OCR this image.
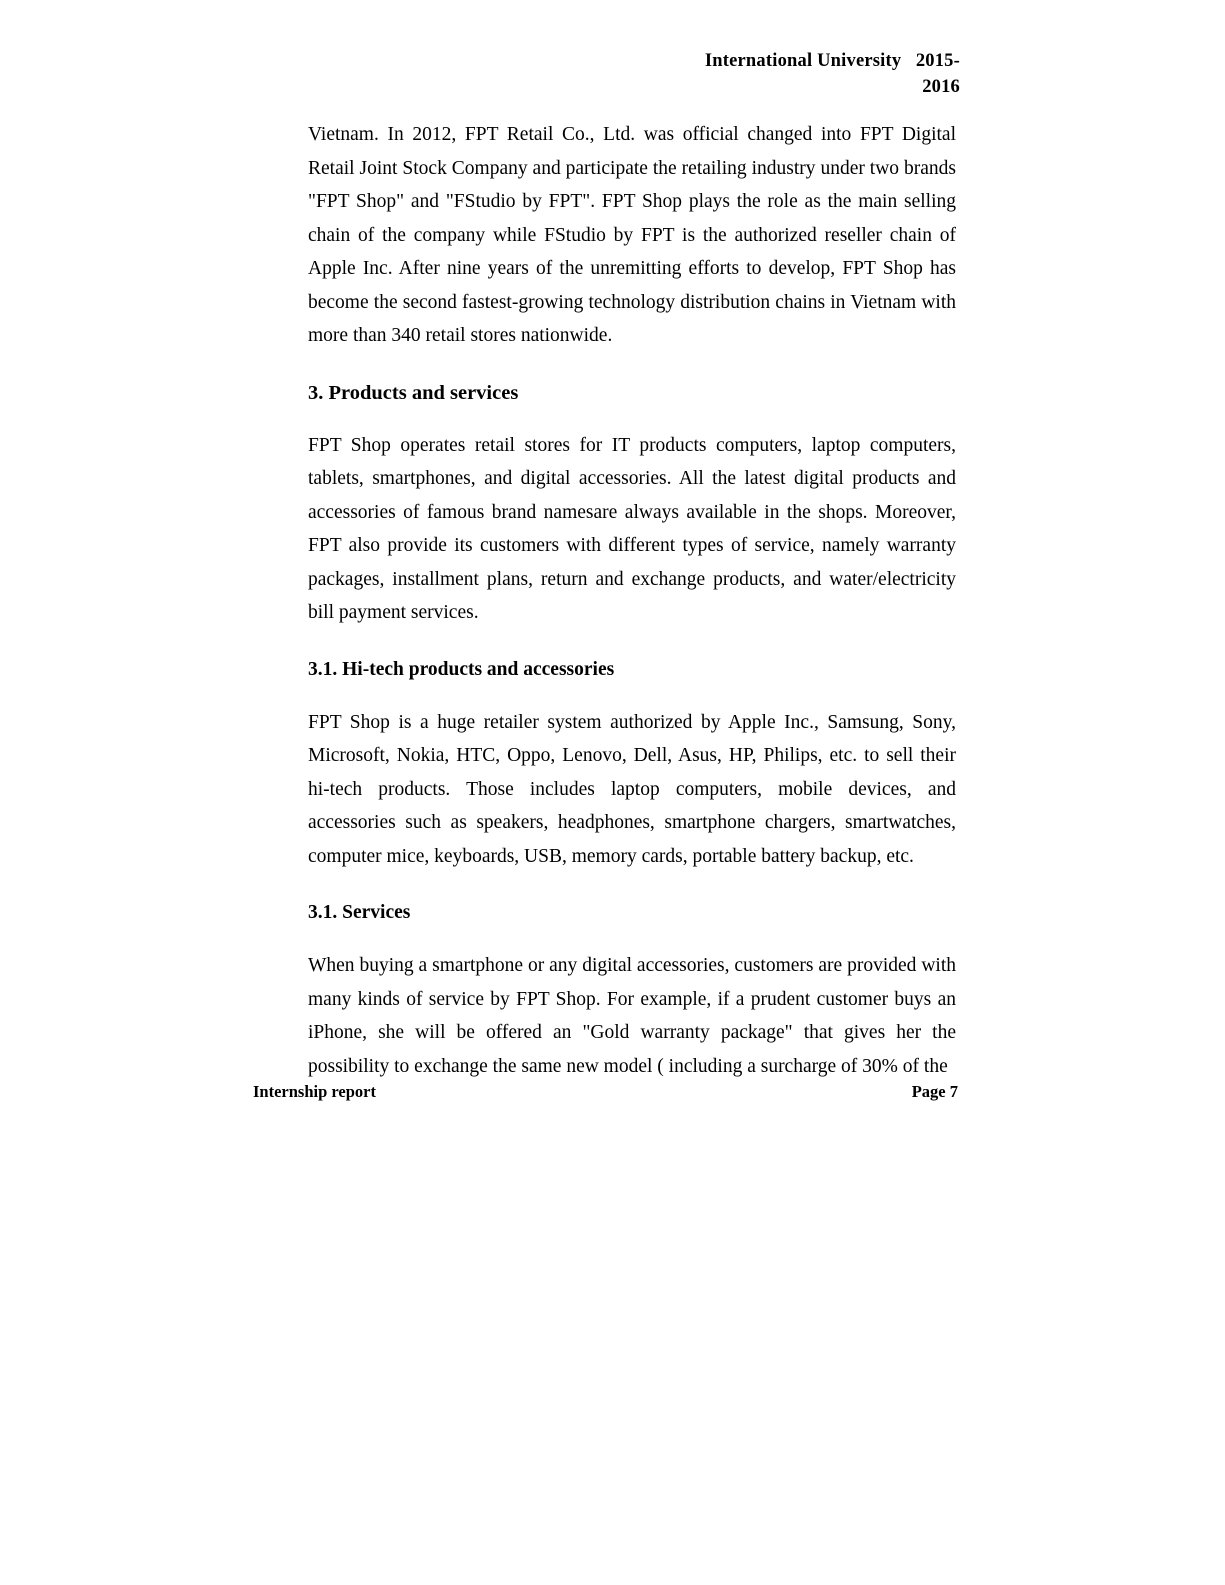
International University 2015-
2016

Vietnam. In 2012, FPT Retail Co., Ltd. was official changed into FPT Digital Retail Joint Stock Company and participate the retailing industry under two brands "FPT Shop" and "FStudio by FPT". FPT Shop plays the role as the main selling chain of the company while FStudio by FPT is the authorized reseller chain of Apple Inc. After nine years of the unremitting efforts to develop, FPT Shop has become the second fastest-growing technology distribution chains in Vietnam with more than 340 retail stores nationwide.

3. Products and services

FPT Shop operates retail stores for IT products computers, laptop computers, tablets, smartphones, and digital accessories. All the latest digital products and accessories of famous brand namesare always available in the shops. Moreover, FPT also provide its customers with different types of service, namely warranty packages, installment plans, return and exchange products, and water/electricity bill payment services.

3.1. Hi-tech products and accessories

FPT Shop is a huge retailer system authorized by Apple Inc., Samsung, Sony, Microsoft, Nokia, HTC, Oppo, Lenovo, Dell, Asus, HP, Philips, etc. to sell their hi-tech products. Those includes laptop computers, mobile devices, and accessories such as speakers, headphones, smartphone chargers, smartwatches, computer mice, keyboards, USB, memory cards, portable battery backup, etc.

3.1. Services

When buying a smartphone or any digital accessories, customers are provided with many kinds of service by FPT Shop. For example, if a prudent customer buys an iPhone, she will be offered an "Gold warranty package" that gives her the possibility to exchange the same new model ( including a surcharge of 30% of the

Internship report	Page 7
